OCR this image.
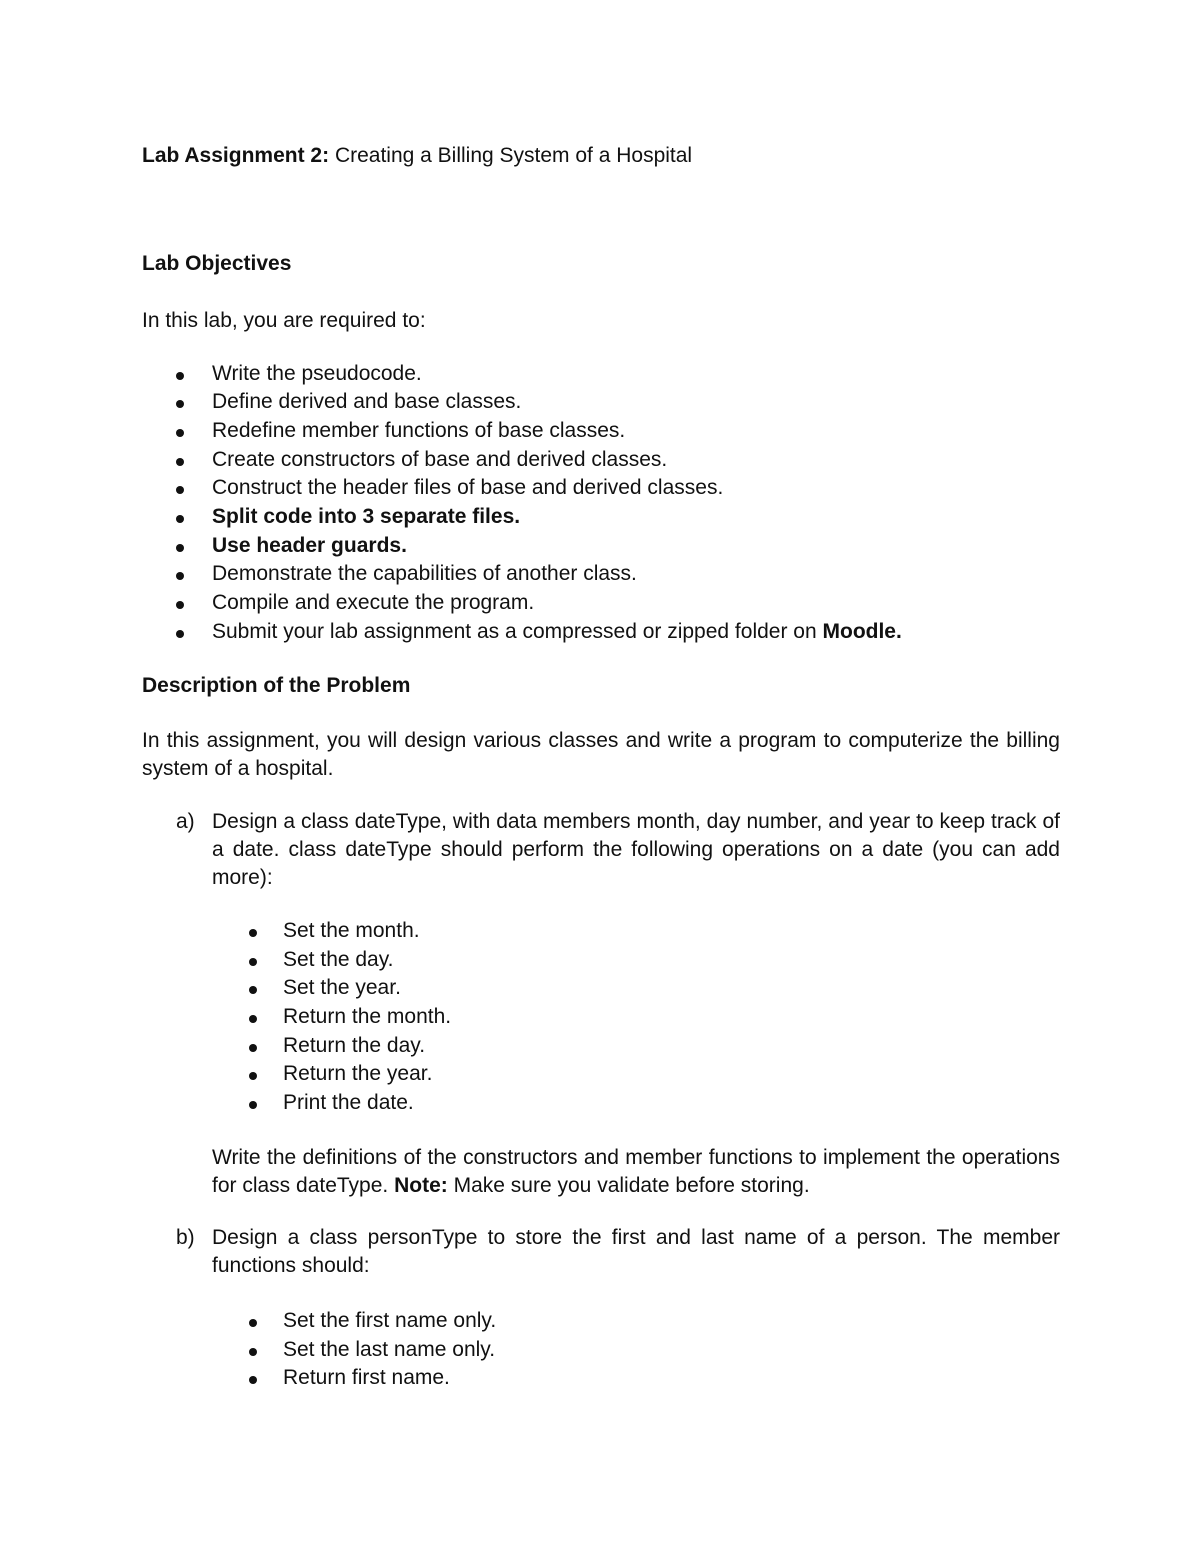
Lab Assignment 2: Creating a Billing System of a Hospital
Lab Objectives
In this lab, you are required to:
Write the pseudocode.
Define derived and base classes.
Redefine member functions of base classes.
Create constructors of base and derived classes.
Construct the header files of base and derived classes.
Split code into 3 separate files.
Use header guards.
Demonstrate the capabilities of another class.
Compile and execute the program.
Submit your lab assignment as a compressed or zipped folder on Moodle.
Description of the Problem
In this assignment, you will design various classes and write a program to computerize the billing system of a hospital.
a) Design a class dateType, with data members month, day number, and year to keep track of a date. class dateType should perform the following operations on a date (you can add more):
Set the month.
Set the day.
Set the year.
Return the month.
Return the day.
Return the year.
Print the date.
Write the definitions of the constructors and member functions to implement the operations for class dateType. Note: Make sure you validate before storing.
b) Design a class personType to store the first and last name of a person. The member functions should:
Set the first name only.
Set the last name only.
Return first name.
